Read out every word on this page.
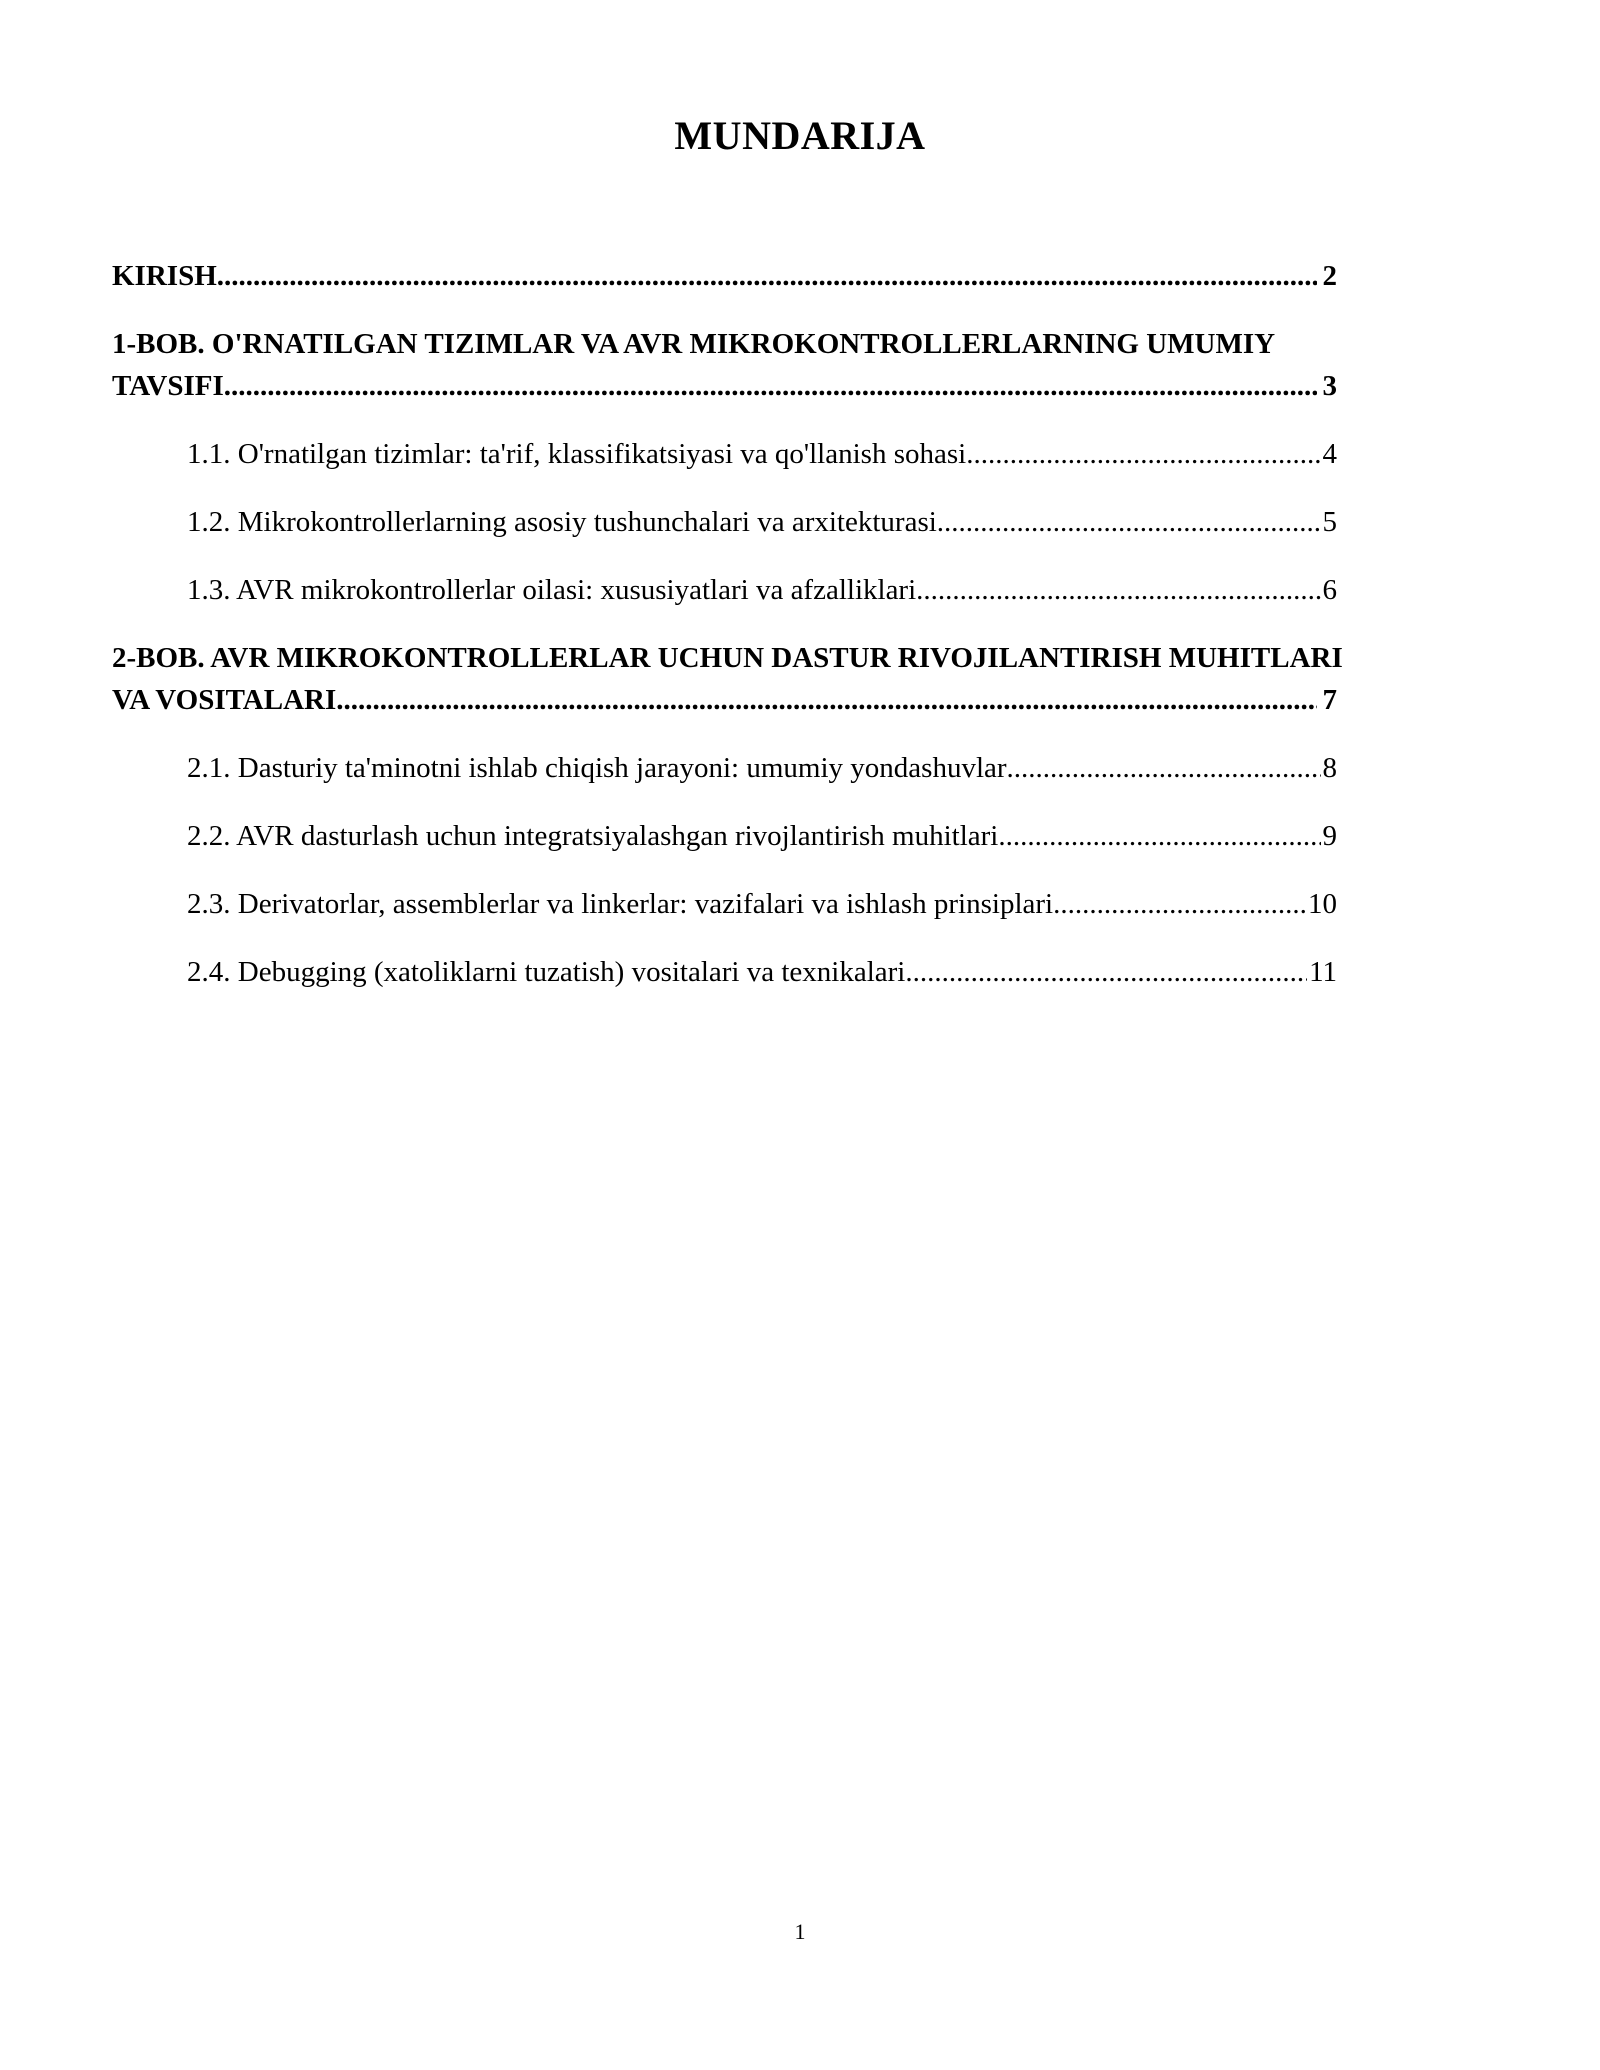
MUNDARIJA
KIRISH .....	2
1-BOB. O'RNATILGAN TIZIMLAR VA AVR MIKROKONTROLLERLARNING UMUMIY
TAVSIFI .....	3
1.1. O'rnatilgan tizimlar: ta'rif, klassifikatsiyasi va qo'llanish sohasi .....	4
1.2. Mikrokontrollerlarning asosiy tushunchalari va arxitekturasi .....	5
1.3. AVR mikrokontrollerlar oilasi: xususiyatlari va afzalliklari .....	6
2-BOB. AVR MIKROKONTROLLERLAR UCHUN DASTUR RIVOJILANTIRISH MUHITLARI
VA VOSITALARI .....	7
2.1. Dasturiy ta'minotni ishlab chiqish jarayoni: umumiy yondashuvlar .....	8
2.2. AVR dasturlash uchun integratsiyalashgan rivojlantirish muhitlari .....	9
2.3. Derivatorlar, assemblerlar va linkerlar: vazifalari va ishlash prinsiplari .....	10
2.4. Debugging (xatoliklarni tuzatish) vositalari va texnikalari .....	11
1
